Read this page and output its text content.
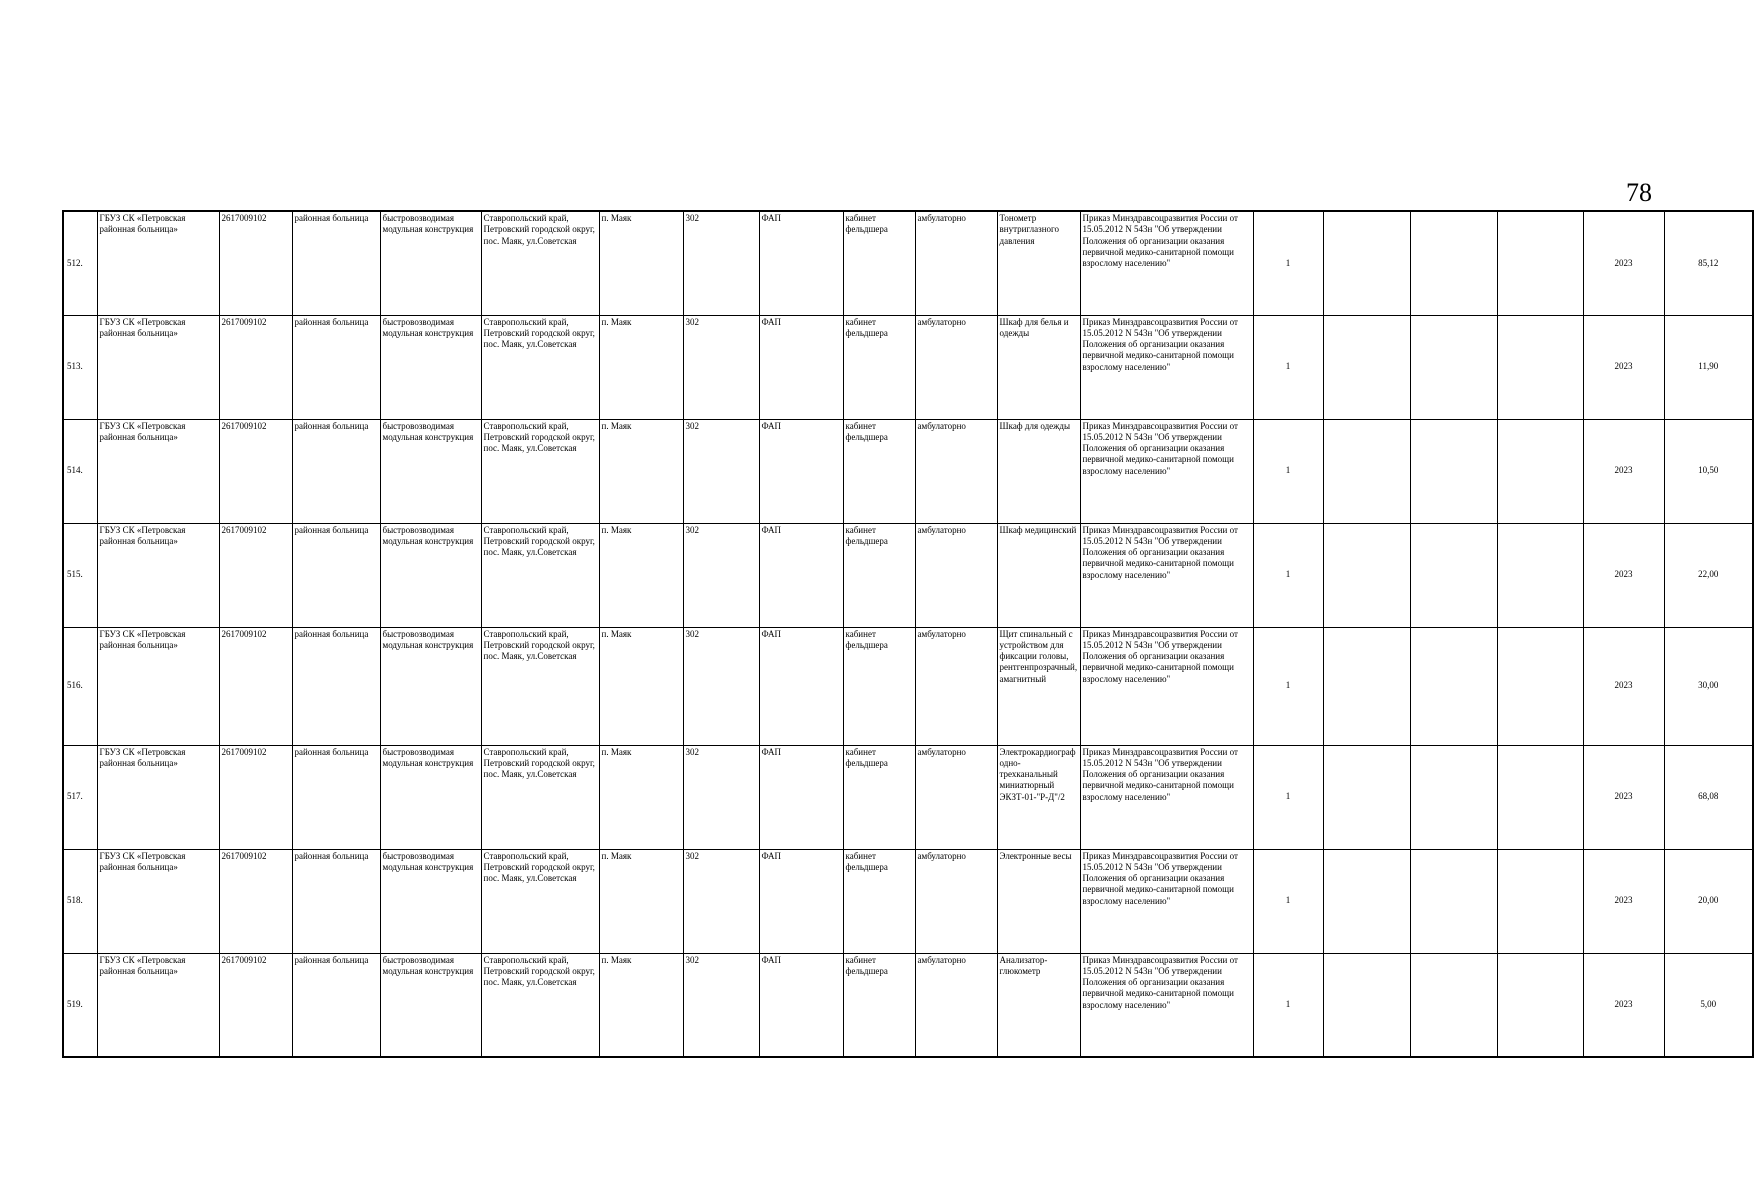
78
512.	ГБУЗ СК «Петровская районная больница»	2617009102	районная больница	быстровозводимая модульная конструкция	Ставропольский край, Петровский городской округ, пос. Маяк, ул.Советская	п. Маяк	302	ФАП	кабинет фельдшера	амбулаторно	Тонометр внутриглазного давления	Приказ Минздравсоцразвития России от 15.05.2012 N 543н "Об утверждении Положения об организации оказания первичной медико-санитарной помощи взрослому населению"	1				2023	85,12
513.	ГБУЗ СК «Петровская районная больница»	2617009102	районная больница	быстровозводимая модульная конструкция	Ставропольский край, Петровский городской округ, пос. Маяк, ул.Советская	п. Маяк	302	ФАП	кабинет фельдшера	амбулаторно	Шкаф для белья и одежды	Приказ Минздравсоцразвития России от 15.05.2012 N 543н "Об утверждении Положения об организации оказания первичной медико-санитарной помощи взрослому населению"	1				2023	11,90
514.	ГБУЗ СК «Петровская районная больница»	2617009102	районная больница	быстровозводимая модульная конструкция	Ставропольский край, Петровский городской округ, пос. Маяк, ул.Советская	п. Маяк	302	ФАП	кабинет фельдшера	амбулаторно	Шкаф для одежды	Приказ Минздравсоцразвития России от 15.05.2012 N 543н "Об утверждении Положения об организации оказания первичной медико-санитарной помощи взрослому населению"	1				2023	10,50
515.	ГБУЗ СК «Петровская районная больница»	2617009102	районная больница	быстровозводимая модульная конструкция	Ставропольский край, Петровский городской округ, пос. Маяк, ул.Советская	п. Маяк	302	ФАП	кабинет фельдшера	амбулаторно	Шкаф медицинский	Приказ Минздравсоцразвития России от 15.05.2012 N 543н "Об утверждении Положения об организации оказания первичной медико-санитарной помощи взрослому населению"	1				2023	22,00
516.	ГБУЗ СК «Петровская районная больница»	2617009102	районная больница	быстровозводимая модульная конструкция	Ставропольский край, Петровский городской округ, пос. Маяк, ул.Советская	п. Маяк	302	ФАП	кабинет фельдшера	амбулаторно	Щит спинальный с устройством для фиксации головы, рентгенпрозрачный, амагнитный	Приказ Минздравсоцразвития России от 15.05.2012 N 543н "Об утверждении Положения об организации оказания первичной медико-санитарной помощи взрослому населению"	1				2023	30,00
517.	ГБУЗ СК «Петровская районная больница»	2617009102	районная больница	быстровозводимая модульная конструкция	Ставропольский край, Петровский городской округ, пос. Маяк, ул.Советская	п. Маяк	302	ФАП	кабинет фельдшера	амбулаторно	Электрокардиограф одно-трехканальный миниатюрный ЭКЗТ-01-"Р-Д"/2	Приказ Минздравсоцразвития России от 15.05.2012 N 543н "Об утверждении Положения об организации оказания первичной медико-санитарной помощи взрослому населению"	1				2023	68,08
518.	ГБУЗ СК «Петровская районная больница»	2617009102	районная больница	быстровозводимая модульная конструкция	Ставропольский край, Петровский городской округ, пос. Маяк, ул.Советская	п. Маяк	302	ФАП	кабинет фельдшера	амбулаторно	Электронные весы	Приказ Минздравсоцразвития России от 15.05.2012 N 543н "Об утверждении Положения об организации оказания первичной медико-санитарной помощи взрослому населению"	1				2023	20,00
519.	ГБУЗ СК «Петровская районная больница»	2617009102	районная больница	быстровозводимая модульная конструкция	Ставропольский край, Петровский городской округ, пос. Маяк, ул.Советская	п. Маяк	302	ФАП	кабинет фельдшера	амбулаторно	Анализатор-глюкометр	Приказ Минздравсоцразвития России от 15.05.2012 N 543н "Об утверждении Положения об организации оказания первичной медико-санитарной помощи взрослому населению"	1				2023	5,00
